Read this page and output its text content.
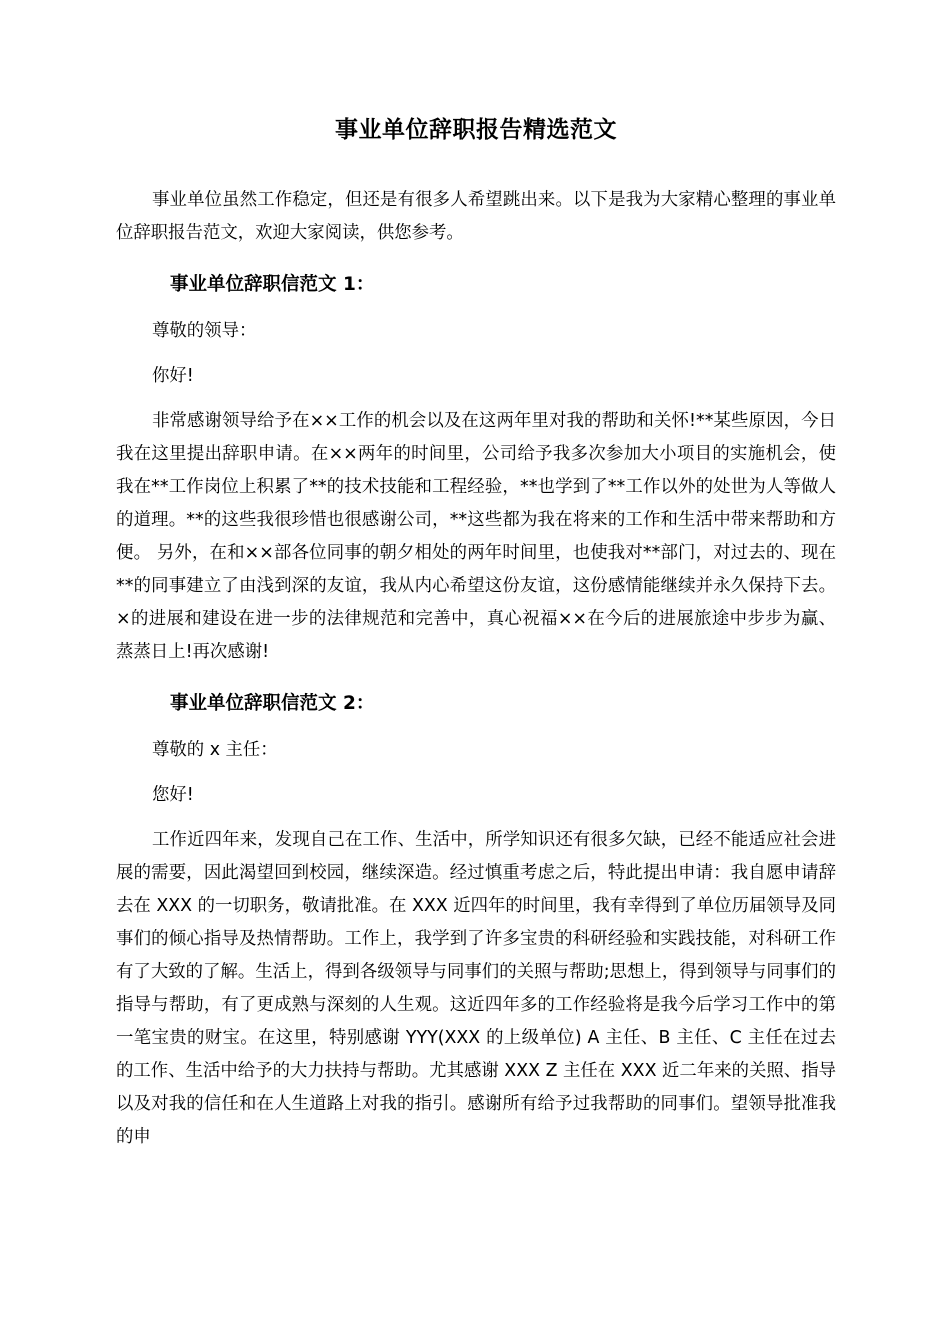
事业单位辞职报告精选范文

事业单位虽然工作稳定，但还是有很多人希望跳出来。以下是我为大家精心整理的事业单位辞职报告范文，欢迎大家阅读，供您参考。

事业单位辞职信范文 1：

尊敬的领导：

你好!

非常感谢领导给予在××工作的机会以及在这两年里对我的帮助和关怀!**某些原因，今日我在这里提出辞职申请。在××两年的时间里，公司给予我多次参加大小项目的实施机会，使我在**工作岗位上积累了**的技术技能和工程经验，**也学到了**工作以外的处世为人等做人的道理。**的这些我很珍惜也很感谢公司，**这些都为我在将来的工作和生活中带来帮助和方便。 另外，在和××部各位同事的朝夕相处的两年时间里，也使我对**部门，对过去的、现在**的同事建立了由浅到深的友谊，我从内心希望这份友谊，这份感情能继续并永久保持下去。×的进展和建设在进一步的法律规范和完善中，真心祝福××在今后的进展旅途中步步为赢、蒸蒸日上!再次感谢!

事业单位辞职信范文 2：

尊敬的 x 主任：

您好!

工作近四年来，发现自己在工作、生活中，所学知识还有很多欠缺，已经不能适应社会进展的需要，因此渴望回到校园，继续深造。经过慎重考虑之后，特此提出申请：我自愿申请辞去在 XXX 的一切职务，敬请批准。在 XXX 近四年的时间里，我有幸得到了单位历届领导及同事们的倾心指导及热情帮助。工作上，我学到了许多宝贵的科研经验和实践技能，对科研工作有了大致的了解。生活上，得到各级领导与同事们的关照与帮助;思想上，得到领导与同事们的指导与帮助，有了更成熟与深刻的人生观。这近四年多的工作经验将是我今后学习工作中的第一笔宝贵的财宝。在这里，特别感谢 YYY(XXX 的上级单位) A 主任、B 主任、C 主任在过去的工作、生活中给予的大力扶持与帮助。尤其感谢 XXX Z 主任在 XXX 近二年来的关照、指导以及对我的信任和在人生道路上对我的指引。感谢所有给予过我帮助的同事们。望领导批准我的申
